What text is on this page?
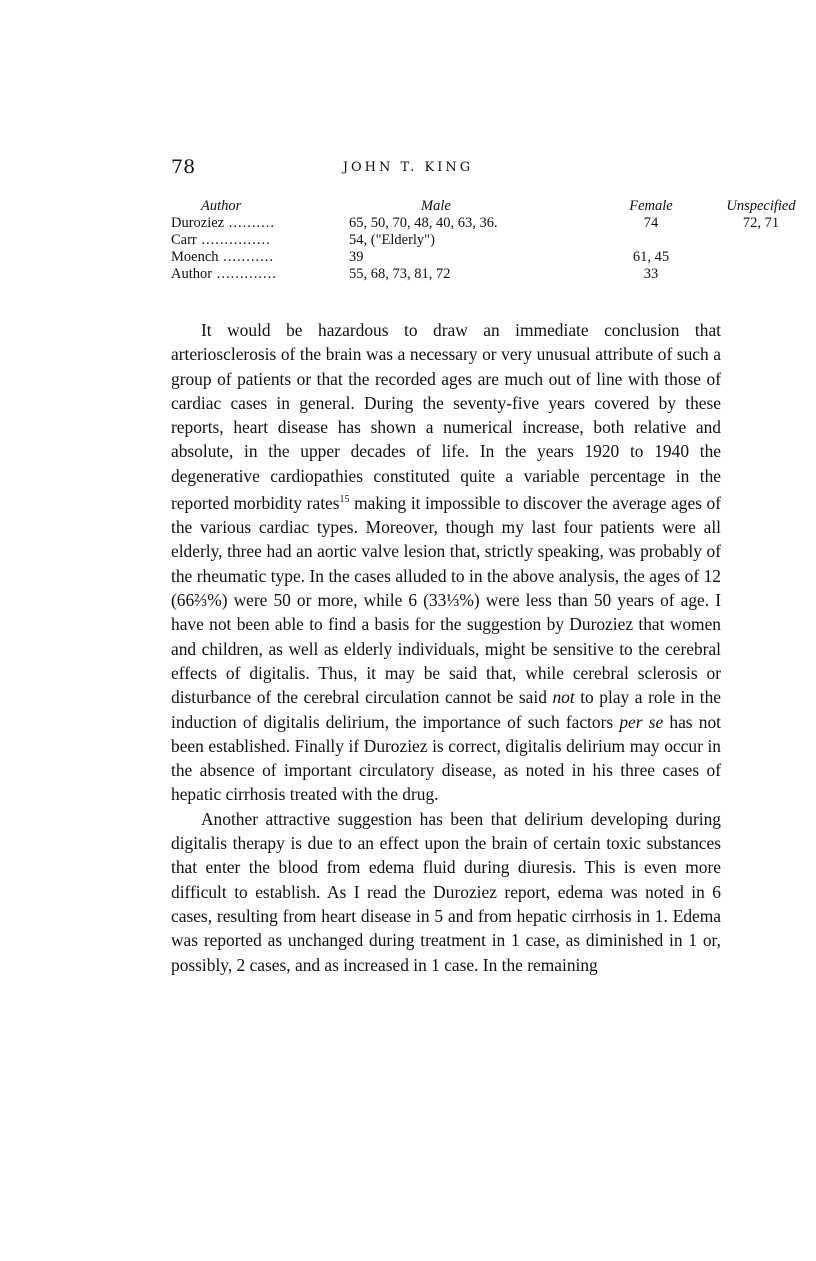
78	JOHN T. KING
Author	Male	Female	Unspecified
Duroziez ..........	65, 50, 70, 48, 40, 63, 36.	74	72, 71
Carr ...............	54, ("Elderly")		
Moench ...........	39	61, 45	
Author .............	55, 68, 73, 81, 72	33	

It would be hazardous to draw an immediate conclusion that arteriosclerosis of the brain was a necessary or very unusual attribute of such a group of patients or that the recorded ages are much out of line with those of cardiac cases in general. During the seventy-five years covered by these reports, heart disease has shown a numerical increase, both relative and absolute, in the upper decades of life. In the years 1920 to 1940 the degenerative cardiopathies constituted quite a variable percentage in the reported morbidity rates$^{15}$ making it impossible to discover the average ages of the various cardiac types. Moreover, though my last four patients were all elderly, three had an aortic valve lesion that, strictly speaking, was probably of the rheumatic type. In the cases alluded to in the above analysis, the ages of 12 (66⅔%) were 50 or more, while 6 (33⅓%) were less than 50 years of age. I have not been able to find a basis for the suggestion by Duroziez that women and children, as well as elderly individuals, might be sensitive to the cerebral effects of digitalis. Thus, it may be said that, while cerebral sclerosis or disturbance of the cerebral circulation cannot be said not to play a role in the induction of digitalis delirium, the importance of such factors per se has not been established. Finally if Duroziez is correct, digitalis delirium may occur in the absence of important circulatory disease, as noted in his three cases of hepatic cirrhosis treated with the drug.

Another attractive suggestion has been that delirium developing during digitalis therapy is due to an effect upon the brain of certain toxic substances that enter the blood from edema fluid during diuresis. This is even more difficult to establish. As I read the Duroziez report, edema was noted in 6 cases, resulting from heart disease in 5 and from hepatic cirrhosis in 1. Edema was reported as unchanged during treatment in 1 case, as diminished in 1 or, possibly, 2 cases, and as increased in 1 case. In the remaining
